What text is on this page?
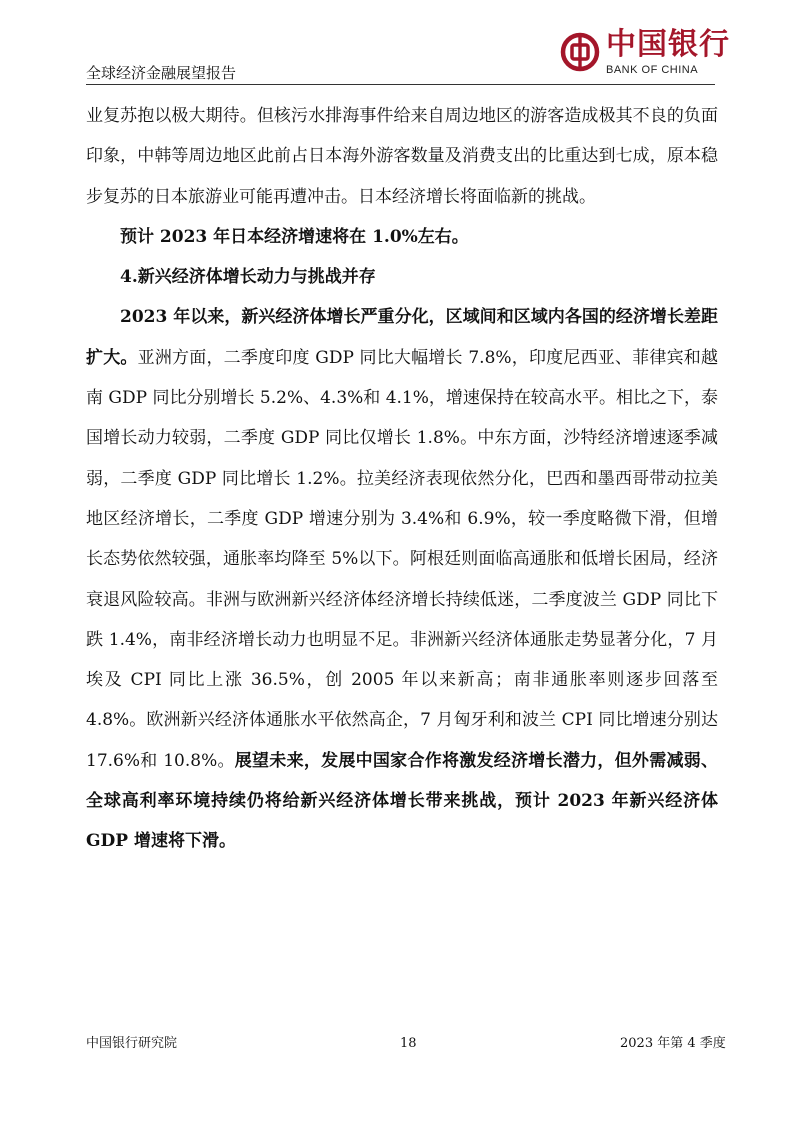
中国银行
BANK OF CHINA
全球经济金融展望报告

业复苏抱以极大期待。但核污水排海事件给来自周边地区的游客造成极其不良的负面印象，中韩等周边地区此前占日本海外游客数量及消费支出的比重达到七成，原本稳步复苏的日本旅游业可能再遭冲击。日本经济增长将面临新的挑战。

预计 2023 年日本经济增速将在 1.0%左右。

4.新兴经济体增长动力与挑战并存

2023 年以来，新兴经济体增长严重分化，区域间和区域内各国的经济增长差距扩大。亚洲方面，二季度印度 GDP 同比大幅增长 7.8%，印度尼西亚、菲律宾和越南 GDP 同比分别增长 5.2%、4.3%和 4.1%，增速保持在较高水平。相比之下，泰国增长动力较弱，二季度 GDP 同比仅增长 1.8%。中东方面，沙特经济增速逐季减弱，二季度 GDP 同比增长 1.2%。拉美经济表现依然分化，巴西和墨西哥带动拉美地区经济增长，二季度 GDP 增速分别为 3.4%和 6.9%，较一季度略微下滑，但增长态势依然较强，通胀率均降至 5%以下。阿根廷则面临高通胀和低增长困局，经济衰退风险较高。非洲与欧洲新兴经济体经济增长持续低迷，二季度波兰 GDP 同比下跌 1.4%，南非经济增长动力也明显不足。非洲新兴经济体通胀走势显著分化，7 月埃及 CPI 同比上涨 36.5%，创 2005 年以来新高；南非通胀率则逐步回落至 4.8%。欧洲新兴经济体通胀水平依然高企，7 月匈牙利和波兰 CPI 同比增速分别达 17.6%和 10.8%。展望未来，发展中国家合作将激发经济增长潜力，但外需减弱、全球高利率环境持续仍将给新兴经济体增长带来挑战，预计 2023 年新兴经济体 GDP 增速将下滑。

中国银行研究院	18	2023 年第 4 季度
